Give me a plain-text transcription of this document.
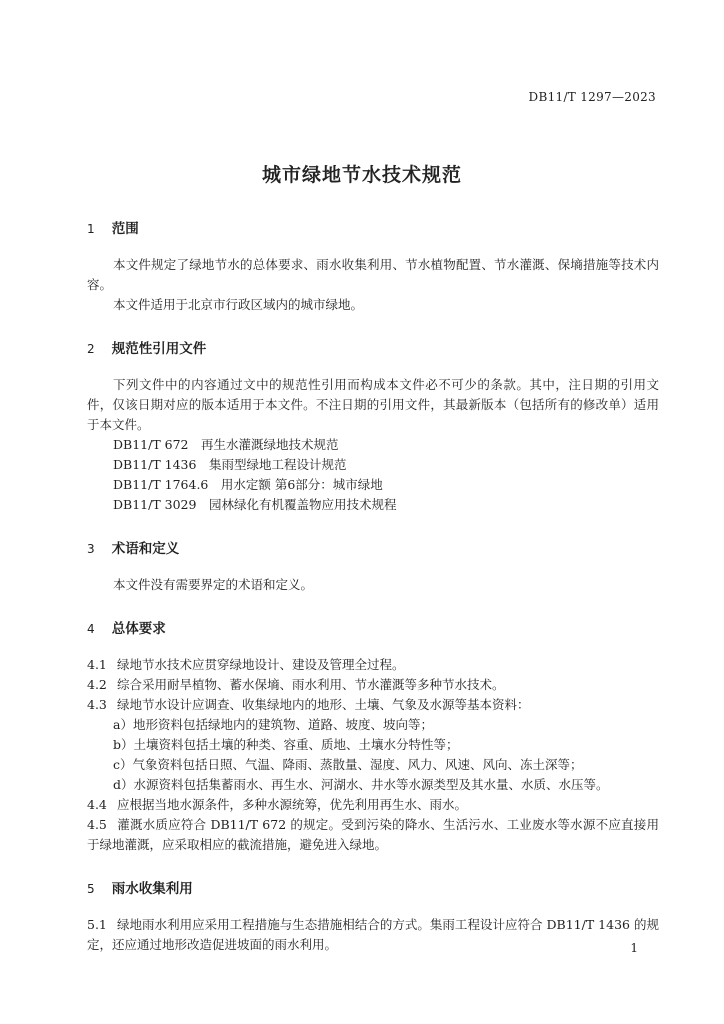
DB11/T 1297—2023
城市绿地节水技术规范
1 范围

本文件规定了绿地节水的总体要求、雨水收集利用、节水植物配置、节水灌溉、保墒措施等技术内容。

本文件适用于北京市行政区域内的城市绿地。

2 规范性引用文件

下列文件中的内容通过文中的规范性引用而构成本文件必不可少的条款。其中，注日期的引用文件，仅该日期对应的版本适用于本文件。不注日期的引用文件，其最新版本（包括所有的修改单）适用于本文件。

DB11/T 672　再生水灌溉绿地技术规范

DB11/T 1436　集雨型绿地工程设计规范

DB11/T 1764.6　用水定额 第6部分：城市绿地

DB11/T 3029　园林绿化有机覆盖物应用技术规程

3 术语和定义

本文件没有需要界定的术语和定义。

4 总体要求

4.1 绿地节水技术应贯穿绿地设计、建设及管理全过程。

4.2 综合采用耐旱植物、蓄水保墒、雨水利用、节水灌溉等多种节水技术。

4.3 绿地节水设计应调查、收集绿地内的地形、土壤、气象及水源等基本资料：

a）地形资料包括绿地内的建筑物、道路、坡度、坡向等；

b）土壤资料包括土壤的种类、容重、质地、土壤水分特性等；

c）气象资料包括日照、气温、降雨、蒸散量、湿度、风力、风速、风向、冻土深等；

d）水源资料包括集蓄雨水、再生水、河湖水、井水等水源类型及其水量、水质、水压等。

4.4 应根据当地水源条件，多种水源统筹，优先利用再生水、雨水。

4.5 灌溉水质应符合 DB11/T 672 的规定。受到污染的降水、生活污水、工业废水等水源不应直接用于绿地灌溉，应采取相应的截流措施，避免进入绿地。

5 雨水收集利用

5.1 绿地雨水利用应采用工程措施与生态措施相结合的方式。集雨工程设计应符合 DB11/T 1436 的规定，还应通过地形改造促进坡面的雨水利用。	1
